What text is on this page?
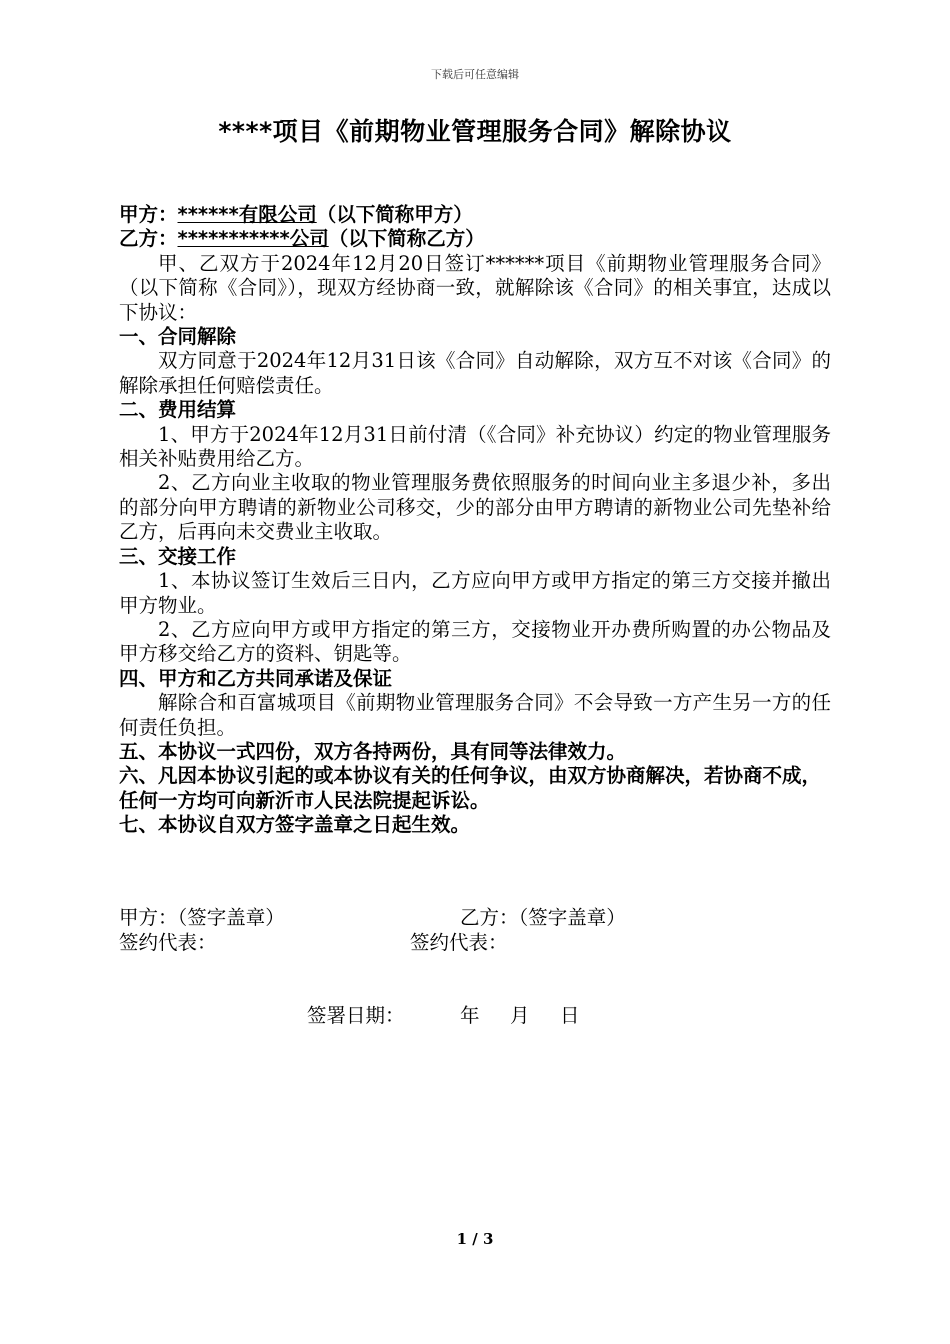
下载后可任意编辑
****项目《前期物业管理服务合同》解除协议

甲方：******有限公司（以下简称甲方）

乙方：***********公司（以下简称乙方）

甲、乙双方于2024年12月20日签订******项目《前期物业管理服务合同》（以下简称《合同》），现双方经协商一致，就解除该《合同》的相关事宜，达成以下协议：

一、合同解除

双方同意于2024年12月31日该《合同》自动解除，双方互不对该《合同》的解除承担任何赔偿责任。

二、费用结算

1、甲方于2024年12月31日前付清（《合同》补充协议）约定的物业管理服务相关补贴费用给乙方。

2、乙方向业主收取的物业管理服务费依照服务的时间向业主多退少补，多出的部分向甲方聘请的新物业公司移交，少的部分由甲方聘请的新物业公司先垫补给乙方，后再向未交费业主收取。

三、交接工作

1、本协议签订生效后三日内，乙方应向甲方或甲方指定的第三方交接并撤出甲方物业。

2、乙方应向甲方或甲方指定的第三方，交接物业开办费所购置的办公物品及甲方移交给乙方的资料、钥匙等。

四、甲方和乙方共同承诺及保证

解除合和百富城项目《前期物业管理服务合同》不会导致一方产生另一方的任何责任负担。

五、本协议一式四份，双方各持两份，具有同等法律效力。

六、凡因本协议引起的或本协议有关的任何争议，由双方协商解决，若协商不成，任何一方均可向新沂市人民法院提起诉讼。

七、本协议自双方签字盖章之日起生效。

甲方：（签字盖章）	乙方：（签字盖章）
签约代表：	签约代表：
签署日期：	年 月 日
1 / 3
